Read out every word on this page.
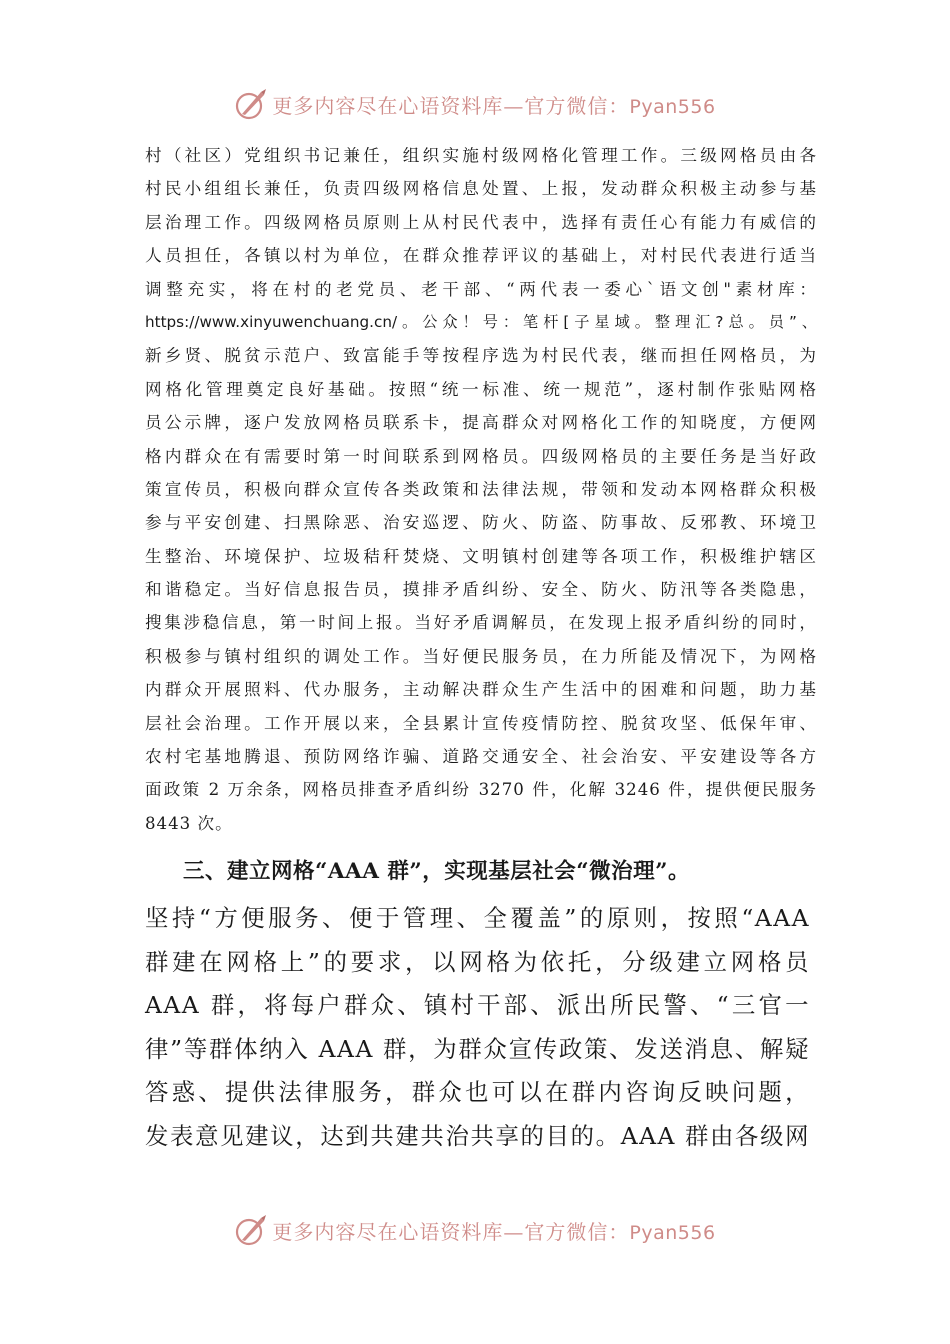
更多内容尽在心语资料库—官方微信：Pyan556
村（社区）党组织书记兼任，组织实施村级网格化管理工作。三级网格员由各
村民小组组长兼任，负责四级网格信息处置、上报，发动群众积极主动参与基
层治理工作。四级网格员原则上从村民代表中，选择有责任心有能力有威信的
人员担任，各镇以村为单位，在群众推荐评议的基础上，对村民代表进行适当
调整充实，将在村的老党员、老干部、“两代表一委心`语文创"素材库：
https://www.xinyuwenchuang.cn/。公众！号：笔杆[子星域。整理汇?总。员”、
新乡贤、脱贫示范户、致富能手等按程序选为村民代表，继而担任网格员，为
网格化管理奠定良好基础。按照“统一标准、统一规范”，逐村制作张贴网格
员公示牌，逐户发放网格员联系卡，提高群众对网格化工作的知晓度，方便网
格内群众在有需要时第一时间联系到网格员。四级网格员的主要任务是当好政
策宣传员，积极向群众宣传各类政策和法律法规，带领和发动本网格群众积极
参与平安创建、扫黑除恶、治安巡逻、防火、防盗、防事故、反邪教、环境卫
生整治、环境保护、垃圾秸秆焚烧、文明镇村创建等各项工作，积极维护辖区
和谐稳定。当好信息报告员，摸排矛盾纠纷、安全、防火、防汛等各类隐患，
搜集涉稳信息，第一时间上报。当好矛盾调解员，在发现上报矛盾纠纷的同时，
积极参与镇村组织的调处工作。当好便民服务员，在力所能及情况下，为网格
内群众开展照料、代办服务，主动解决群众生产生活中的困难和问题，助力基
层社会治理。工作开展以来，全县累计宣传疫情防控、脱贫攻坚、低保年审、
农村宅基地腾退、预防网络诈骗、道路交通安全、社会治安、平安建设等各方
面政策 2 万余条，网格员排查矛盾纠纷 3270 件，化解 3246 件，提供便民服务
8443 次。
三、建立网格“AAA 群”，实现基层社会“微治理”。
坚持“方便服务、便于管理、全覆盖”的原则，按照“AAA
群建在网格上”的要求，以网格为依托，分级建立网格员
AAA 群，将每户群众、镇村干部、派出所民警、“三官一
律”等群体纳入 AAA 群，为群众宣传政策、发送消息、解疑
答惑、提供法律服务，群众也可以在群内咨询反映问题，
发表意见建议，达到共建共治共享的目的。AAA 群由各级网
更多内容尽在心语资料库—官方微信：Pyan556
